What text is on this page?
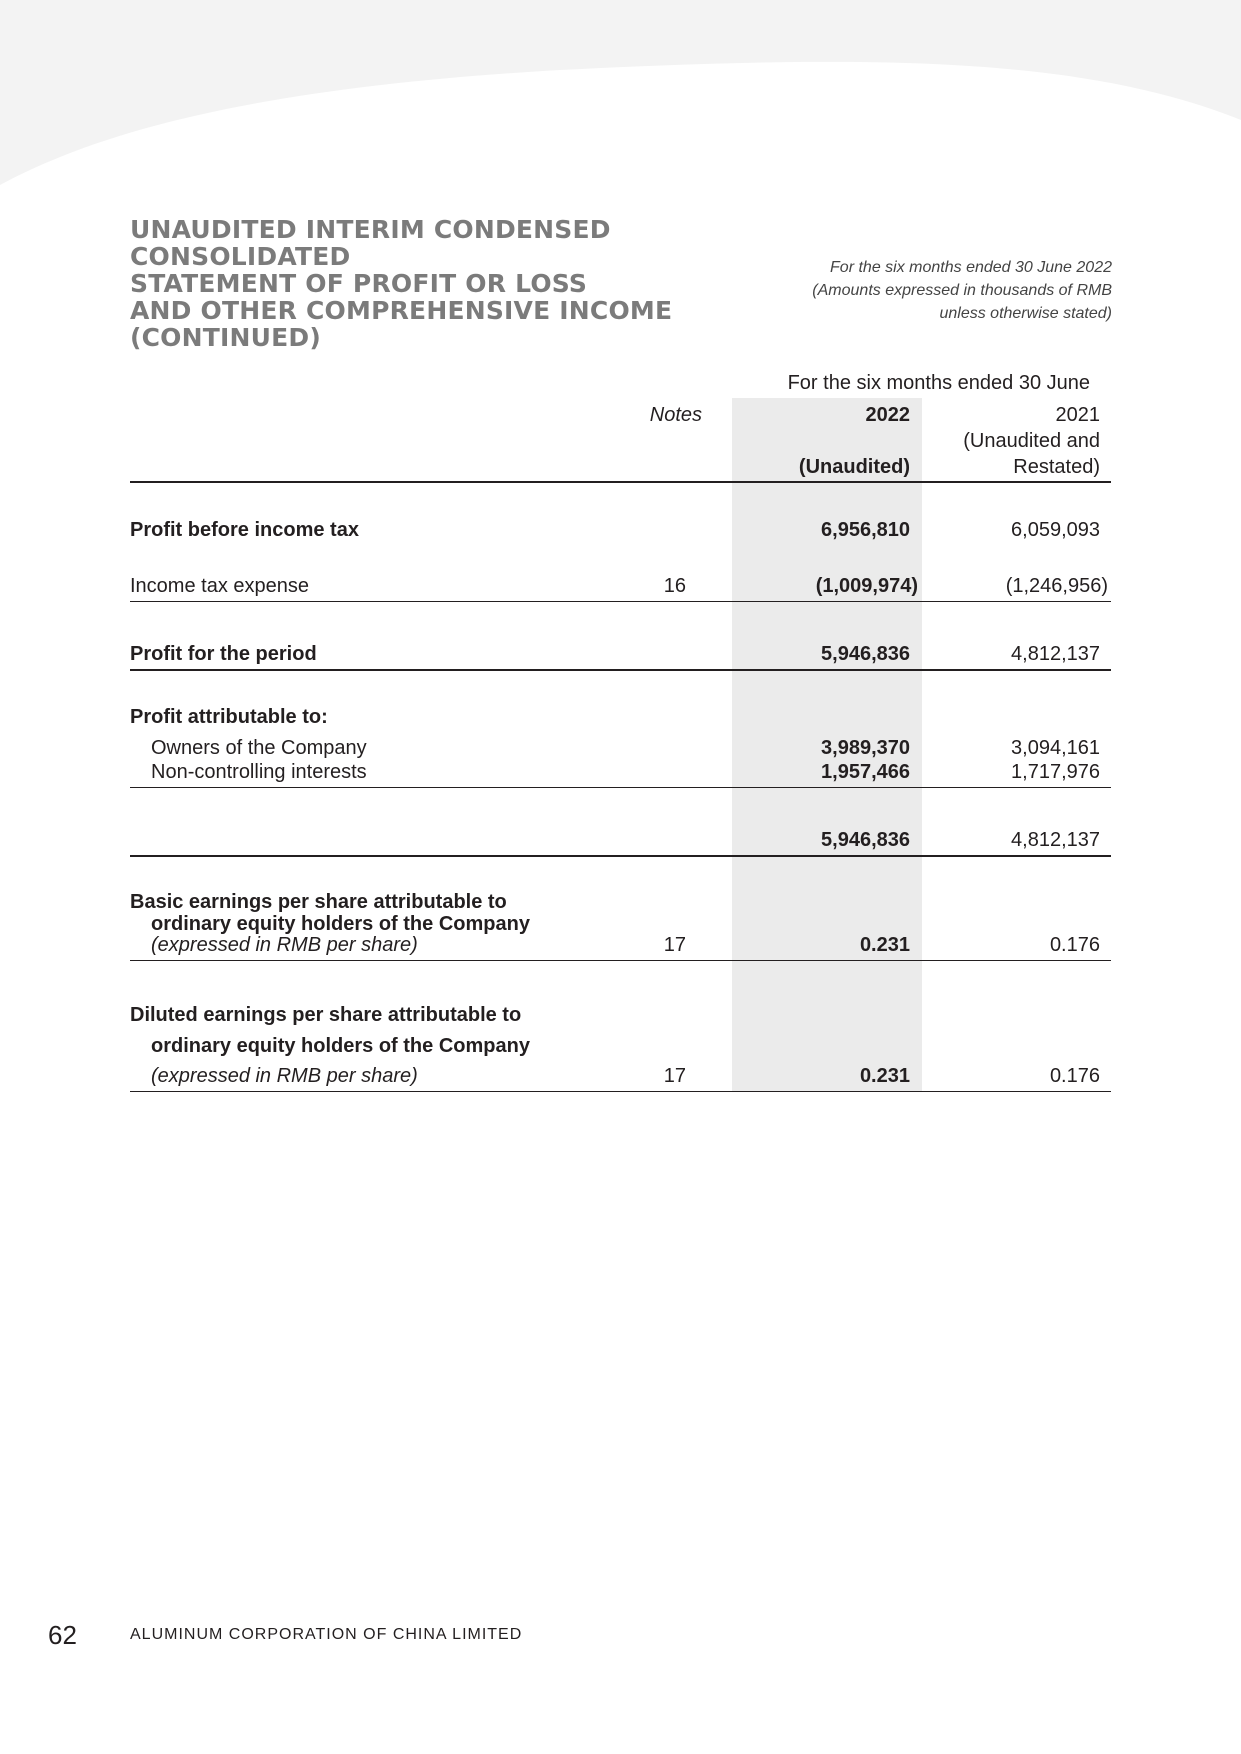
UNAUDITED INTERIM CONDENSED CONSOLIDATED
STATEMENT OF PROFIT OR LOSS
AND OTHER COMPREHENSIVE INCOME
(CONTINUED)
For the six months ended 30 June 2022
(Amounts expressed in thousands of RMB
unless otherwise stated)
For the six months ended 30 June
Notes	2022
(Unaudited)
2021
(Unaudited and
Restated)
Profit before income tax	6,956,810	6,059,093
Income tax expense	16	(1,009,974)	(1,246,956)
Profit for the period	5,946,836	4,812,137
Profit attributable to:
Owners of the Company	3,989,370	3,094,161
Non-controlling interests	1,957,466	1,717,976
5,946,836	4,812,137
Basic earnings per share attributable to
ordinary equity holders of the Company
(expressed in RMB per share)	17	0.231	0.176
Diluted earnings per share attributable to
ordinary equity holders of the Company
(expressed in RMB per share)	17	0.231	0.176
62	ALUMINUM CORPORATION OF CHINA LIMITED
